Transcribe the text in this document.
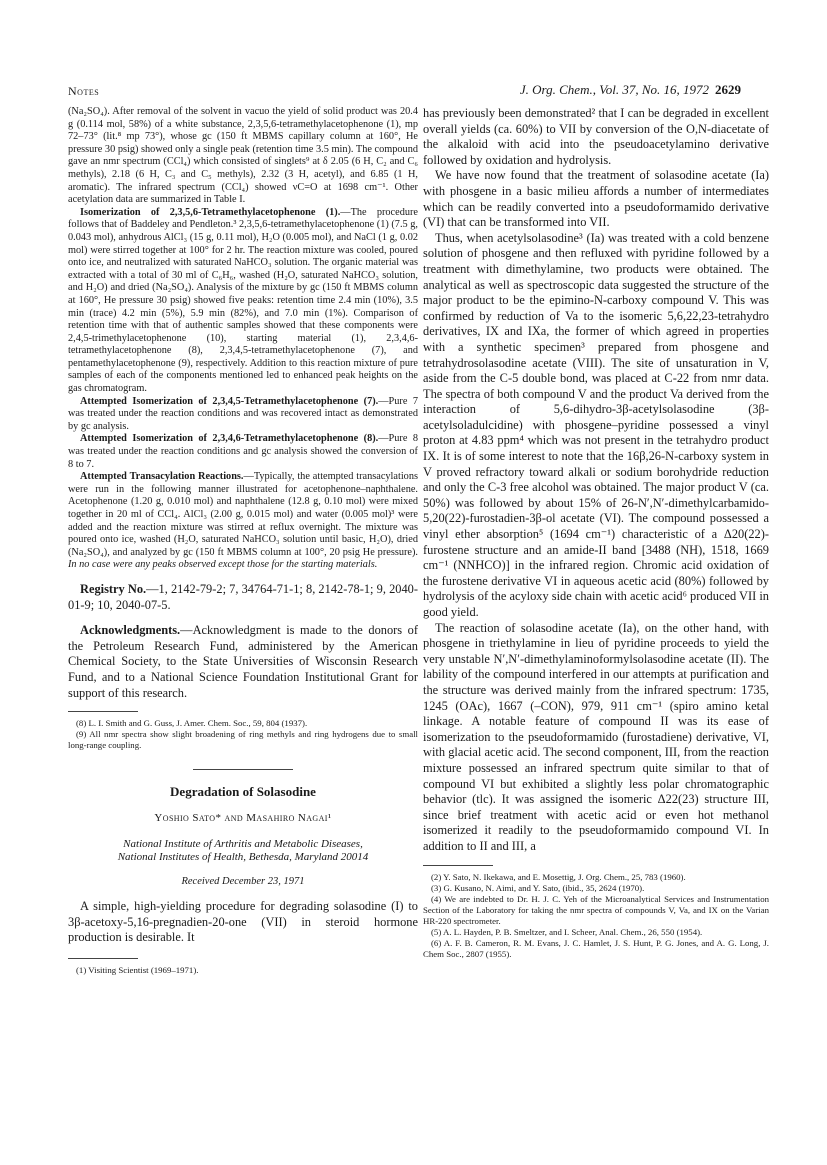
Notes	J. Org. Chem., Vol. 37, No. 16, 1972 2629

(Na₂SO₄). After removal of the solvent in vacuo the yield of solid product was 20.4 g (0.114 mol, 58%) of a white substance, 2,3,5,6-tetramethylacetophenone (1), mp 72–73° (lit.⁸ mp 73°), whose gc (150 ft MBMS capillary column at 160°, He pressure 30 psig) showed only a single peak (retention time 3.5 min). The compound gave an nmr spectrum (CCl₄) which consisted of singlets⁹ at δ 2.05 (6 H, C₂ and C₆ methyls), 2.18 (6 H, C₃ and C₅ methyls), 2.32 (3 H, acetyl), and 6.85 (1 H, aromatic). The infrared spectrum (CCl₄) showed νC=O at 1698 cm⁻¹. Other acetylation data are summarized in Table I.

Isomerization of 2,3,5,6-Tetramethylacetophenone (1).—The procedure follows that of Baddeley and Pendleton.³ 2,3,5,6-tetramethylacetophenone (1) (7.5 g, 0.043 mol), anhydrous AlCl₃ (15 g, 0.11 mol), H₂O (0.005 mol), and NaCl (1 g, 0.02 mol) were stirred together at 100° for 2 hr. The reaction mixture was cooled, poured onto ice, and neutralized with saturated NaHCO₃ solution. The organic material was extracted with a total of 30 ml of C₆H₆, washed (H₂O, saturated NaHCO₃ solution, and H₂O) and dried (Na₂SO₄). Analysis of the mixture by gc (150 ft MBMS column at 160°, He pressure 30 psig) showed five peaks: retention time 2.4 min (10%), 3.5 min (trace) 4.2 min (5%), 5.9 min (82%), and 7.0 min (1%). Comparison of retention time with that of authentic samples showed that these components were 2,4,5-trimethylacetophenone (10), starting material (1), 2,3,4,6-tetramethylacetophenone (8), 2,3,4,5-tetramethylacetophenone (7), and pentamethylacetophenone (9), respectively. Addition to this reaction mixture of pure samples of each of the components mentioned led to enhanced peak heights on the gas chromatogram.

Attempted Isomerization of 2,3,4,5-Tetramethylacetophenone (7).—Pure 7 was treated under the reaction conditions and was recovered intact as demonstrated by gc analysis.

Attempted Isomerization of 2,3,4,6-Tetramethylacetophenone (8).—Pure 8 was treated under the reaction conditions and gc analysis showed the conversion of 8 to 7.

Attempted Transacylation Reactions.—Typically, the attempted transacylations were run in the following manner illustrated for acetophenone–naphthalene. Acetophenone (1.20 g, 0.010 mol) and naphthalene (12.8 g, 0.10 mol) were mixed together in 20 ml of CCl₄. AlCl₃ (2.00 g, 0.015 mol) and water (0.005 mol)³ were added and the reaction mixture was stirred at reflux overnight. The mixture was poured onto ice, washed (H₂O, saturated NaHCO₃ solution until basic, H₂O), dried (Na₂SO₄), and analyzed by gc (150 ft MBMS column at 100°, 20 psig He pressure). In no case were any peaks observed except those for the starting materials.

Registry No.—1, 2142-79-2; 7, 34764-71-1; 8, 2142-78-1; 9, 2040-01-9; 10, 2040-07-5.

Acknowledgments.—Acknowledgment is made to the donors of the Petroleum Research Fund, administered by the American Chemical Society, to the State Universities of Wisconsin Research Fund, and to a National Science Foundation Institutional Grant for support of this research.

(8) L. I. Smith and G. Guss, J. Amer. Chem. Soc., 59, 804 (1937).

(9) All nmr spectra show slight broadening of ring methyls and ring hydrogens due to small long-range coupling.

Degradation of Solasodine
Yoshio Sato* and Masahiro Nagai¹
National Institute of Arthritis and Metabolic Diseases,
National Institutes of Health, Bethesda, Maryland 20014
Received December 23, 1971

A simple, high-yielding procedure for degrading solasodine (I) to 3β-acetoxy-5,16-pregnadien-20-one (VII) in steroid hormone production is desirable. It

(1) Visiting Scientist (1969–1971).

has previously been demonstrated² that I can be degraded in excellent overall yields (ca. 60%) to VII by conversion of the O,N-diacetate of the alkaloid with acid into the pseudoacetylamino derivative followed by oxidation and hydrolysis.

We have now found that the treatment of solasodine acetate (Ia) with phosgene in a basic milieu affords a number of intermediates which can be readily converted into a pseudoformamido derivative (VI) that can be transformed into VII.

Thus, when acetylsolasodine³ (Ia) was treated with a cold benzene solution of phosgene and then refluxed with pyridine followed by a treatment with dimethylamine, two products were obtained. The analytical as well as spectroscopic data suggested the structure of the major product to be the epimino-N-carboxy compound V. This was confirmed by reduction of Va to the isomeric 5,6,22,23-tetrahydro derivatives, IX and IXa, the former of which agreed in properties with a synthetic specimen³ prepared from phosgene and tetrahydrosolasodine acetate (VIII). The site of unsaturation in V, aside from the C-5 double bond, was placed at C-22 from nmr data. The spectra of both compound V and the product Va derived from the interaction of 5,6-dihydro-3β-acetylsolasodine (3β-acetylsoladulcidine) with phosgene–pyridine possessed a vinyl proton at 4.83 ppm⁴ which was not present in the tetrahydro product IX. It is of some interest to note that the 16β,26-N-carboxy system in V proved refractory toward alkali or sodium borohydride reduction and only the C-3 free alcohol was obtained. The major product V (ca. 50%) was followed by about 15% of 26-N′,N′-dimethylcarbamido-5,20(22)-furostadien-3β-ol acetate (VI). The compound possessed a vinyl ether absorption⁵ (1694 cm⁻¹) characteristic of a Δ20(22)-furostene structure and an amide-II band [3488 (NH), 1518, 1669 cm⁻¹ (NNHCO)] in the infrared region. Chromic acid oxidation of the furostene derivative VI in aqueous acetic acid (80%) followed by hydrolysis of the acyloxy side chain with acetic acid⁶ produced VII in good yield.

The reaction of solasodine acetate (Ia), on the other hand, with phosgene in triethylamine in lieu of pyridine proceeds to yield the very unstable N′,N′-dimethylaminoformylsolasodine acetate (II). The lability of the compound interfered in our attempts at purification and the structure was derived mainly from the infrared spectrum: 1735, 1245 (OAc), 1667 (–CON), 979, 911 cm⁻¹ (spiro amino ketal linkage. A notable feature of compound II was its ease of isomerization to the pseudoformamido (furostadiene) derivative, VI, with glacial acetic acid. The second component, III, from the reaction mixture possessed an infrared spectrum quite similar to that of compound VI but exhibited a slightly less polar chromatographic behavior (tlc). It was assigned the isomeric Δ22(23) structure III, since brief treatment with acetic acid or even hot methanol isomerized it readily to the pseudoformamido compound VI. In addition to II and III, a

(2) Y. Sato, N. Ikekawa, and E. Mosettig, J. Org. Chem., 25, 783 (1960).

(3) G. Kusano, N. Aimi, and Y. Sato, (ibid., 35, 2624 (1970).

(4) We are indebted to Dr. H. J. C. Yeh of the Microanalytical Services and Instrumentation Section of the Laboratory for taking the nmr spectra of compounds V, Va, and IX on the Varian HR-220 spectrometer.

(5) A. L. Hayden, P. B. Smeltzer, and I. Scheer, Anal. Chem., 26, 550 (1954).

(6) A. F. B. Cameron, R. M. Evans, J. C. Hamlet, J. S. Hunt, P. G. Jones, and A. G. Long, J. Chem Soc., 2807 (1955).
